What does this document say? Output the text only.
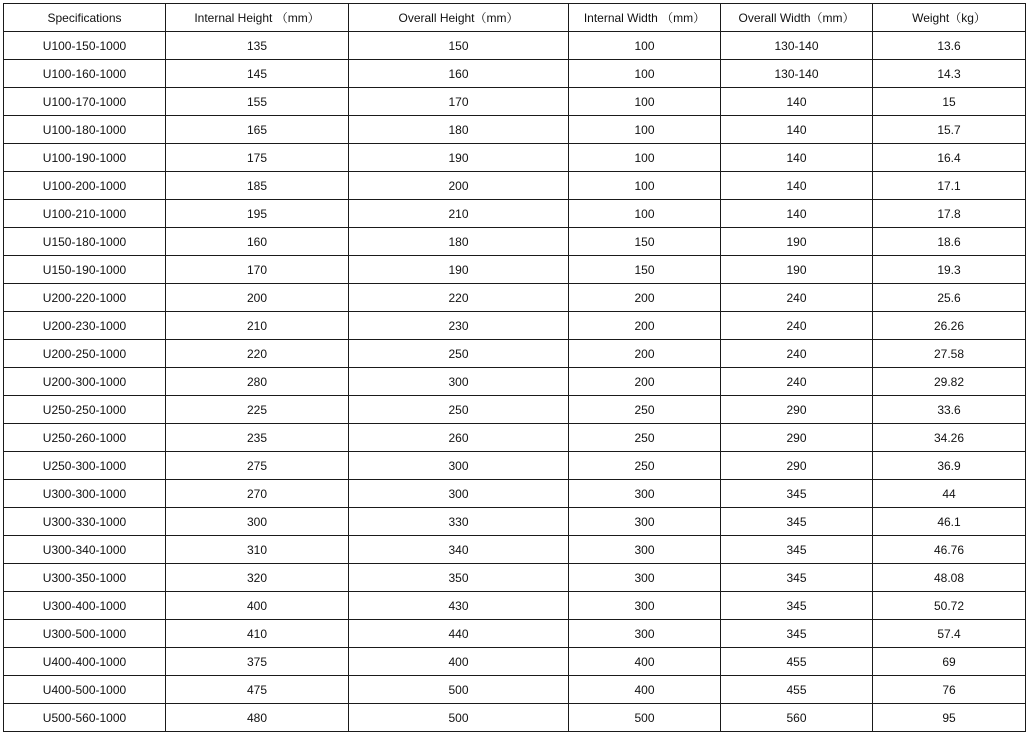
Specifications	Internal Height （mm）	Overall Height（mm）	Internal Width （mm）	Overall Width（mm）	Weight（kg）
U100-150-1000	135	150	100	130-140	13.6
U100-160-1000	145	160	100	130-140	14.3
U100-170-1000	155	170	100	140	15
U100-180-1000	165	180	100	140	15.7
U100-190-1000	175	190	100	140	16.4
U100-200-1000	185	200	100	140	17.1
U100-210-1000	195	210	100	140	17.8
U150-180-1000	160	180	150	190	18.6
U150-190-1000	170	190	150	190	19.3
U200-220-1000	200	220	200	240	25.6
U200-230-1000	210	230	200	240	26.26
U200-250-1000	220	250	200	240	27.58
U200-300-1000	280	300	200	240	29.82
U250-250-1000	225	250	250	290	33.6
U250-260-1000	235	260	250	290	34.26
U250-300-1000	275	300	250	290	36.9
U300-300-1000	270	300	300	345	44
U300-330-1000	300	330	300	345	46.1
U300-340-1000	310	340	300	345	46.76
U300-350-1000	320	350	300	345	48.08
U300-400-1000	400	430	300	345	50.72
U300-500-1000	410	440	300	345	57.4
U400-400-1000	375	400	400	455	69
U400-500-1000	475	500	400	455	76
U500-560-1000	480	500	500	560	95
